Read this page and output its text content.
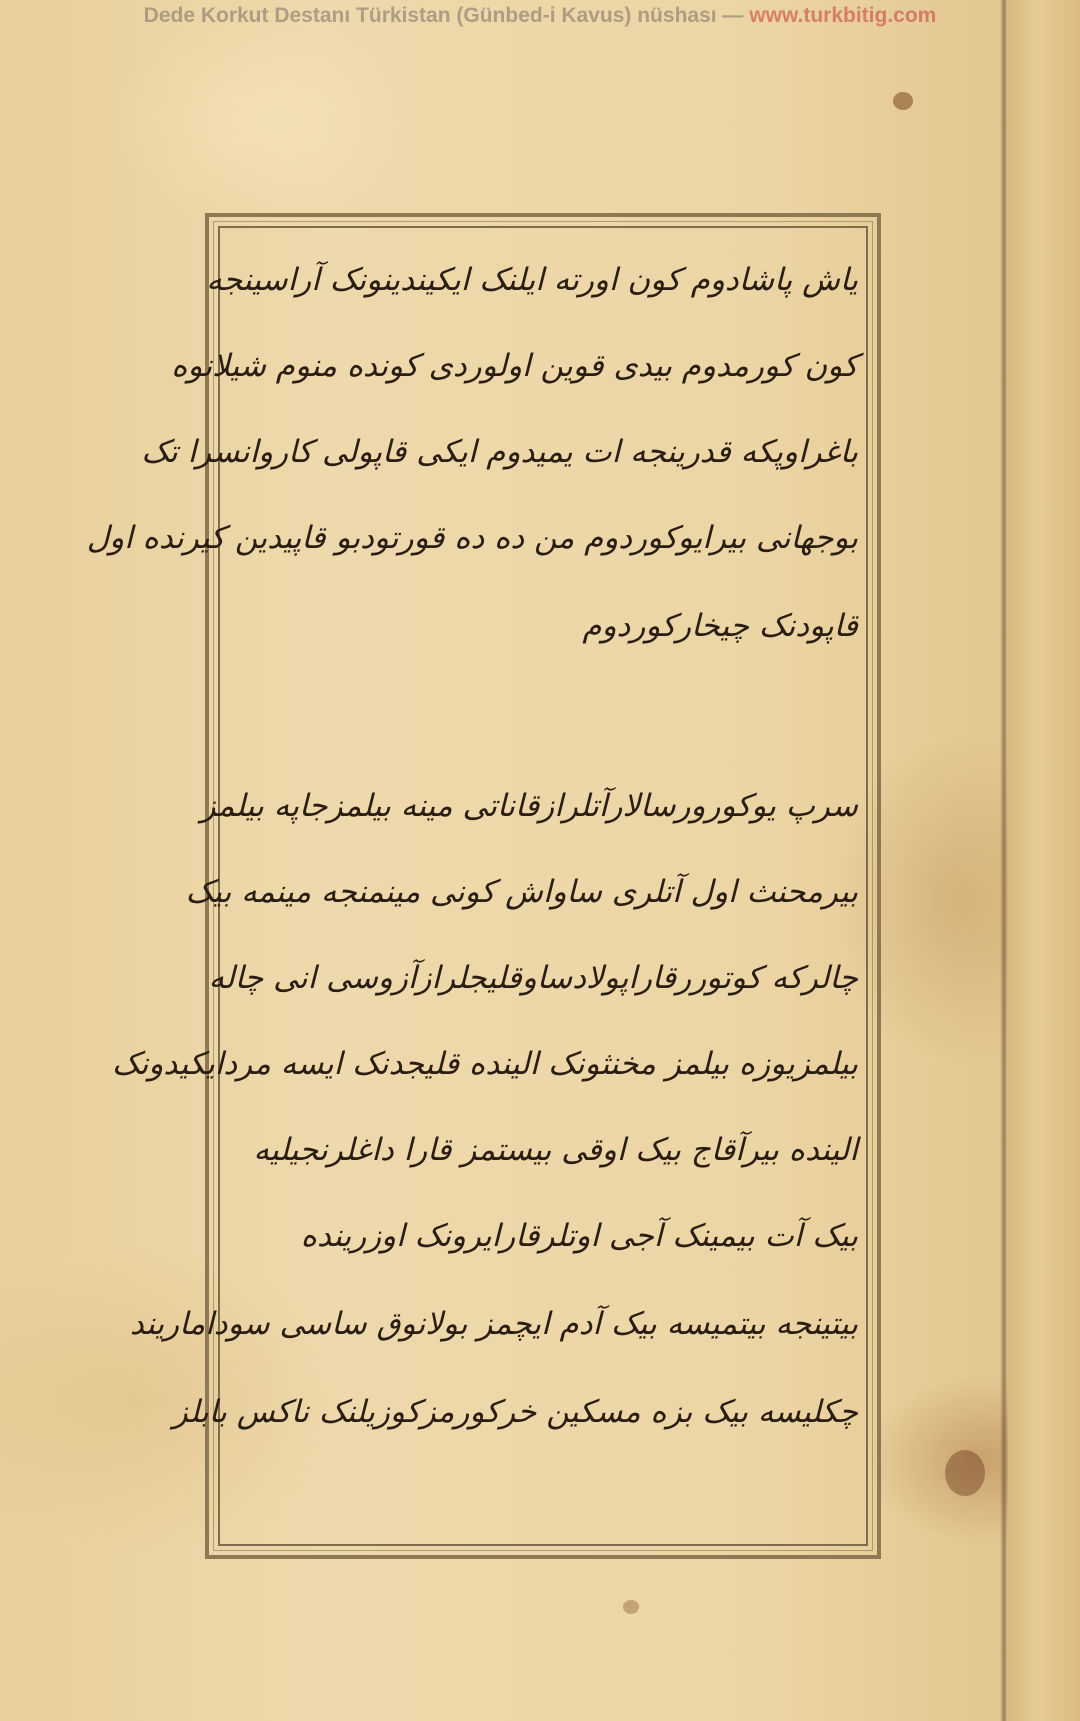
Dede Korkut Destanı Türkistan (Günbed-i Kavus) nüshası — www.turkbitig.com
یاش پاشادوم کون اورته ایلنک ایکیندینونک آراسینجه
کون کورمدوم بیدی قوین اولوردی کونده منوم شیلانوه
باغراوپکه قدرینجه ات یمیدوم ایکی قاپولی کاروانسرا تک
بوجهانی بیرایوکوردوم من ده ده قورتودبو قاپیدین کیرنده اول
قاپودنک چیخارکوردوم
سرپ یوکورورسالارآتلرازقاناتی مینه بیلمزجاپه بیلمز
بیرمحنث اول آتلری ساواش کونی مینمنجه مینمه بیک
چالرکه کوتوررقاراپولادساوقلیجلرازآزوسی انی چاله
بیلمزیوزه بیلمز مخنثونک الینده قلیجدنک ایسه مردایکیدونک
الینده بیرآقاج بیک اوقی بیستمز قارا داغلرنجیلیه
بیک آت بیمینک آجی اوتلرقارایرونک اوزرینده
بیتینجه بیتمیسه بیک آدم ایچمز بولانوق ساسی سوداماریند
چکلیسه بیک بزه مسکین خرکورمزکوزیلنک ناکس بابلز
